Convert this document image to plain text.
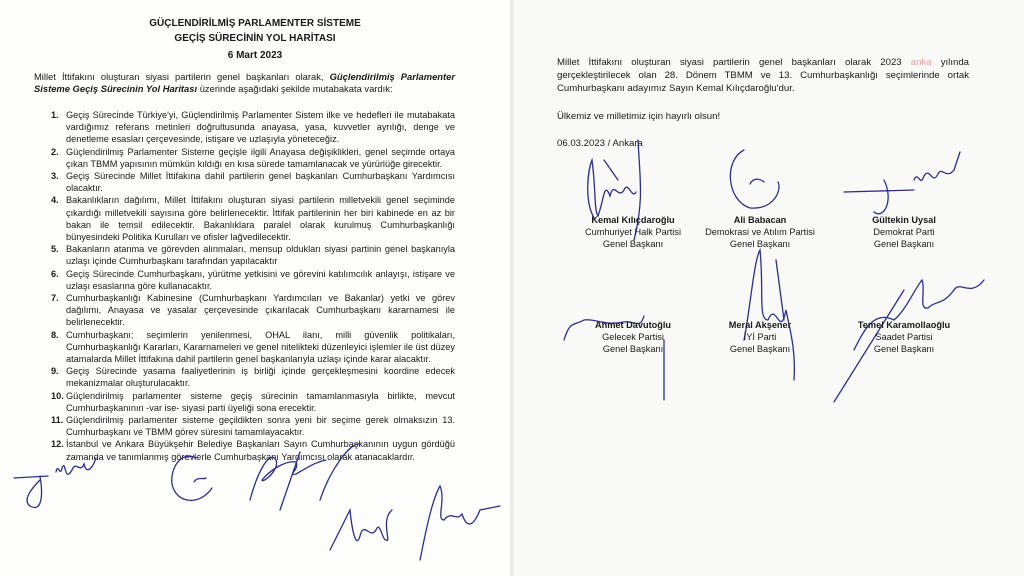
GÜÇLENDİRİLMİŞ PARLAMENTER SİSTEME
GEÇİŞ SÜRECİNİN YOL HARİTASI
6 Mart 2023
Millet İttifakını oluşturan siyasi partilerin genel başkanları olarak, Güçlendirilmiş Parlamenter Sisteme Geçiş Sürecinin Yol Haritası üzerinde aşağıdaki şekilde mutabakata vardık:
1. Geçiş Sürecinde Türkiye'yi, Güçlendirilmiş Parlamenter Sistem ilke ve hedefleri ile mutabakata vardığımız referans metinleri doğrultusunda anayasa, yasa, kuvvetler ayrılığı, denge ve denetleme esasları çerçevesinde, istişare ve uzlaşıyla yöneteceğiz.
2. Güçlendirilmiş Parlamenter Sisteme geçişle ilgili Anayasa değişiklikleri, genel seçimde ortaya çıkan TBMM yapısının mümkün kıldığı en kısa sürede tamamlanacak ve yürürlüğe girecektir.
3. Geçiş Sürecinde Millet İttifakına dahil partilerin genel başkanları Cumhurbaşkanı Yardımcısı olacaktır.
4. Bakanlıkların dağılımı, Millet İttifakını oluşturan siyasi partilerin milletvekili genel seçiminde çıkardığı milletvekili sayısına göre belirlenecektir. İttifak partilerinin her biri kabinede en az bir bakan ile temsil edilecektir. Bakanlıklara paralel olarak kurulmuş Cumhurbaşkanlığı bünyesindeki Politika Kurulları ve ofisler lağvedilecektir.
5. Bakanların atanma ve görevden alınmaları, mensup oldukları siyasi partinin genel başkanıyla uzlaşı içinde Cumhurbaşkanı tarafından yapılacaktır
6. Geçiş Sürecinde Cumhurbaşkanı, yürütme yetkisini ve görevini katılımcılık anlayışı, istişare ve uzlaşı esaslarına göre kullanacaktır.
7. Cumhurbaşkanlığı Kabinesine (Cumhurbaşkanı Yardımcıları ve Bakanlar) yetki ve görev dağılımı, Anayasa ve yasalar çerçevesinde çıkarılacak Cumhurbaşkanı kararnamesi ile belirlenecektir.
8. Cumhurbaşkanı; seçimlerin yenilenmesi, OHAL ilanı, milli güvenlik politikaları, Cumhurbaşkanlığı Kararları, Kararnameleri ve genel nitelikteki düzenleyici işlemler ile üst düzey atamalarda Millet İttifakına dahil partilerin genel başkanlarıyla uzlaşı içinde karar alacaktır.
9. Geçiş Sürecinde yasama faaliyetlerinin iş birliği içinde gerçekleşmesini koordine edecek mekanizmalar oluşturulacaktır.
10. Güçlendirilmiş parlamenter sisteme geçiş sürecinin tamamlanmasıyla birlikte, mevcut Cumhurbaşkanının -var ise- siyasi parti üyeliği sona erecektir.
11. Güçlendirilmiş parlamenter sisteme geçildikten sonra yeni bir seçime gerek olmaksızın 13. Cumhurbaşkanı ve TBMM görev süresini tamamlayacaktır.
12. İstanbul ve Ankara Büyükşehir Belediye Başkanları Sayın Cumhurbaşkanının uygun gördüğü zamanda ve tanımlanmış görevlerle Cumhurbaşkanı Yardımcısı olarak atanacaklardır.
Millet İttifakını oluşturan siyasi partilerin genel başkanları olarak 2023 anka yılında gerçekleştirilecek olan 28. Dönem TBMM ve 13. Cumhurbaşkanlığı seçimlerinde ortak Cumhurbaşkanı adayımız Sayın Kemal Kılıçdaroğlu'dur.
Ülkemiz ve milletimiz için hayırlı olsun!
06.03.2023 / Ankara
Kemal Kılıçdaroğlu
Cumhuriyet Halk Partisi
Genel Başkanı
Ali Babacan
Demokrasi ve Atılım Partisi
Genel Başkanı
Gültekin Uysal
Demokrat Parti
Genel Başkanı
Ahmet Davutoğlu
Gelecek Partisi
Genel Başkanı
Meral Akşener
İYİ Parti
Genel Başkanı
Temel Karamollaoğlu
Saadet Partisi
Genel Başkanı
